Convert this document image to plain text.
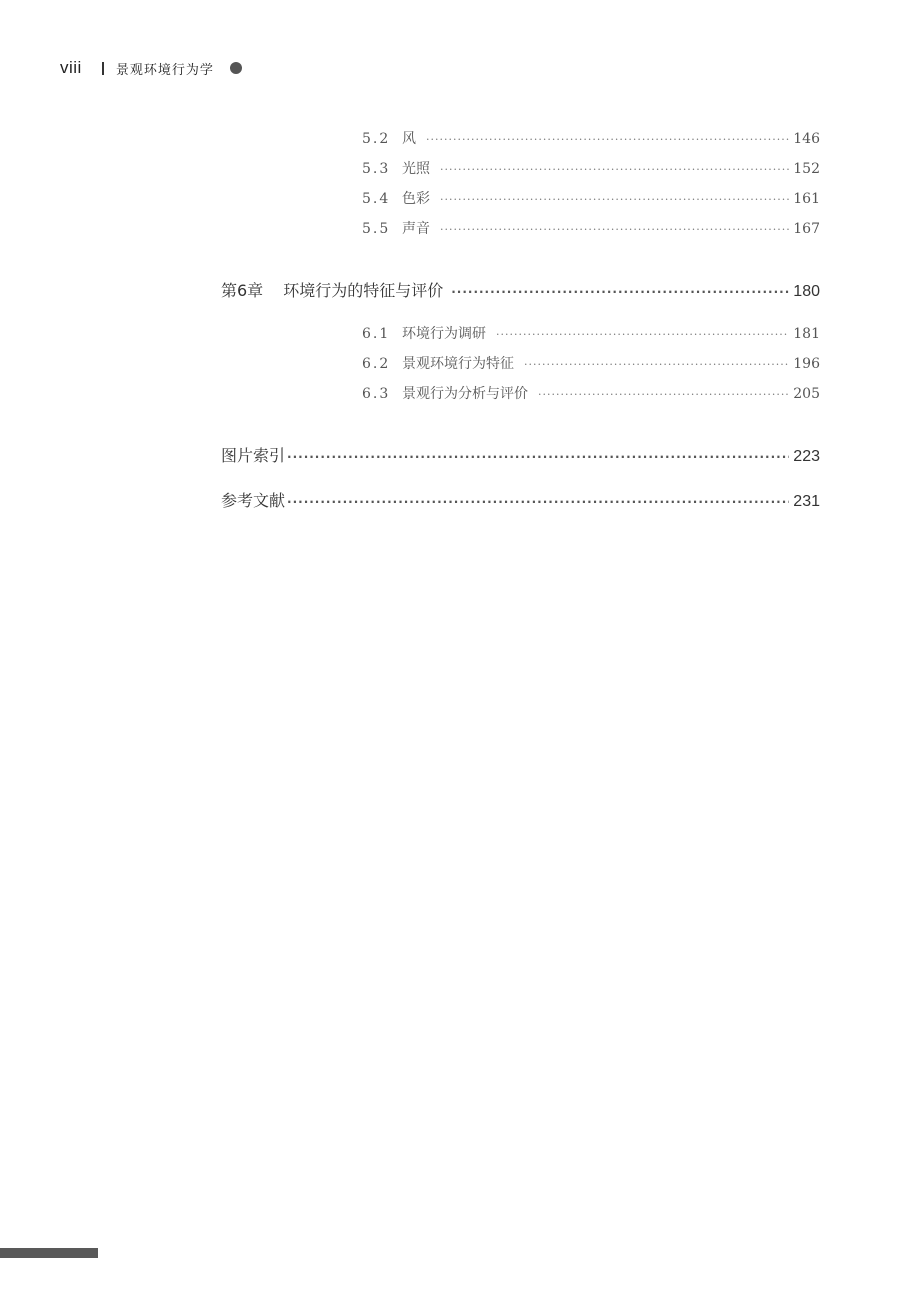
viii	景观环境行为学
5.2 风 ·····	146
5.3 光照 ·····	152
5.4 色彩 ·····	161
5.5 声音 ·····	167
第6章 环境行为的特征与评价 ·····	180
6.1 环境行为调研 ·····	181
6.2 景观环境行为特征 ·····	196
6.3 景观行为分析与评价 ·····	205
图片索引 ·····	223
参考文献 ·····	231
